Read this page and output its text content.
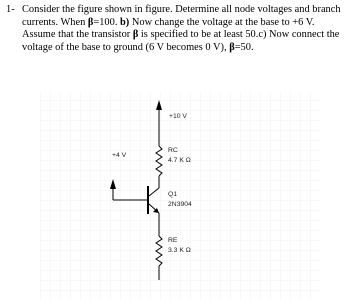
1- Consider the figure shown in figure. Determine all node voltages and branch currents. When β=100. b) Now change the voltage at the base to +6 V. Assume that the transistor β is specified to be at least 50.c) Now connect the voltage of the base to ground (6 V becomes 0 V), β=50.
+10 V
+4 V
RC
4.7 K Ω
Q1
2N3904
RE
3.3 K Ω
